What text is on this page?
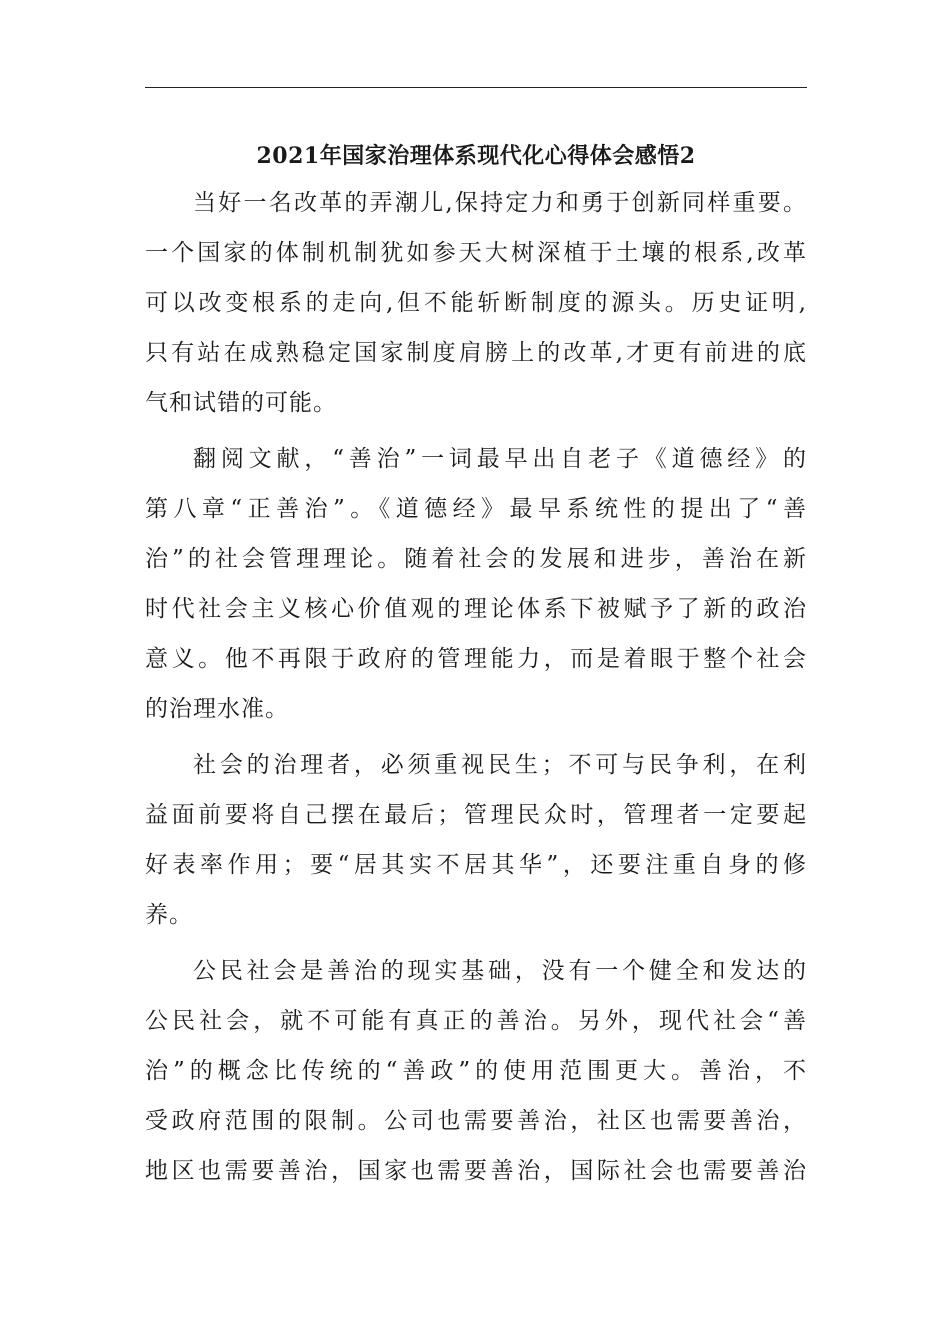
2021年国家治理体系现代化心得体会感悟2

当好一名改革的弄潮儿,保持定力和勇于创新同样重要。
一个国家的体制机制犹如参天大树深植于土壤的根系,改革
可以改变根系的走向,但不能斩断制度的源头。历史证明,
只有站在成熟稳定国家制度肩膀上的改革,才更有前进的底
气和试错的可能。

翻阅文献，“善治”一词最早出自老子《道德经》的
第八章“正善治”。《道德经》最早系统性的提出了“善
治”的社会管理理论。随着社会的发展和进步，善治在新
时代社会主义核心价值观的理论体系下被赋予了新的政治
意义。他不再限于政府的管理能力，而是着眼于整个社会
的治理水准。

社会的治理者，必须重视民生；不可与民争利，在利
益面前要将自己摆在最后；管理民众时，管理者一定要起
好表率作用；要“居其实不居其华”，还要注重自身的修
养。

公民社会是善治的现实基础，没有一个健全和发达的
公民社会，就不可能有真正的善治。另外，现代社会“善
治”的概念比传统的“善政”的使用范围更大。善治，不
受政府范围的限制。公司也需要善治，社区也需要善治，
地区也需要善治，国家也需要善治，国际社会也需要善治
